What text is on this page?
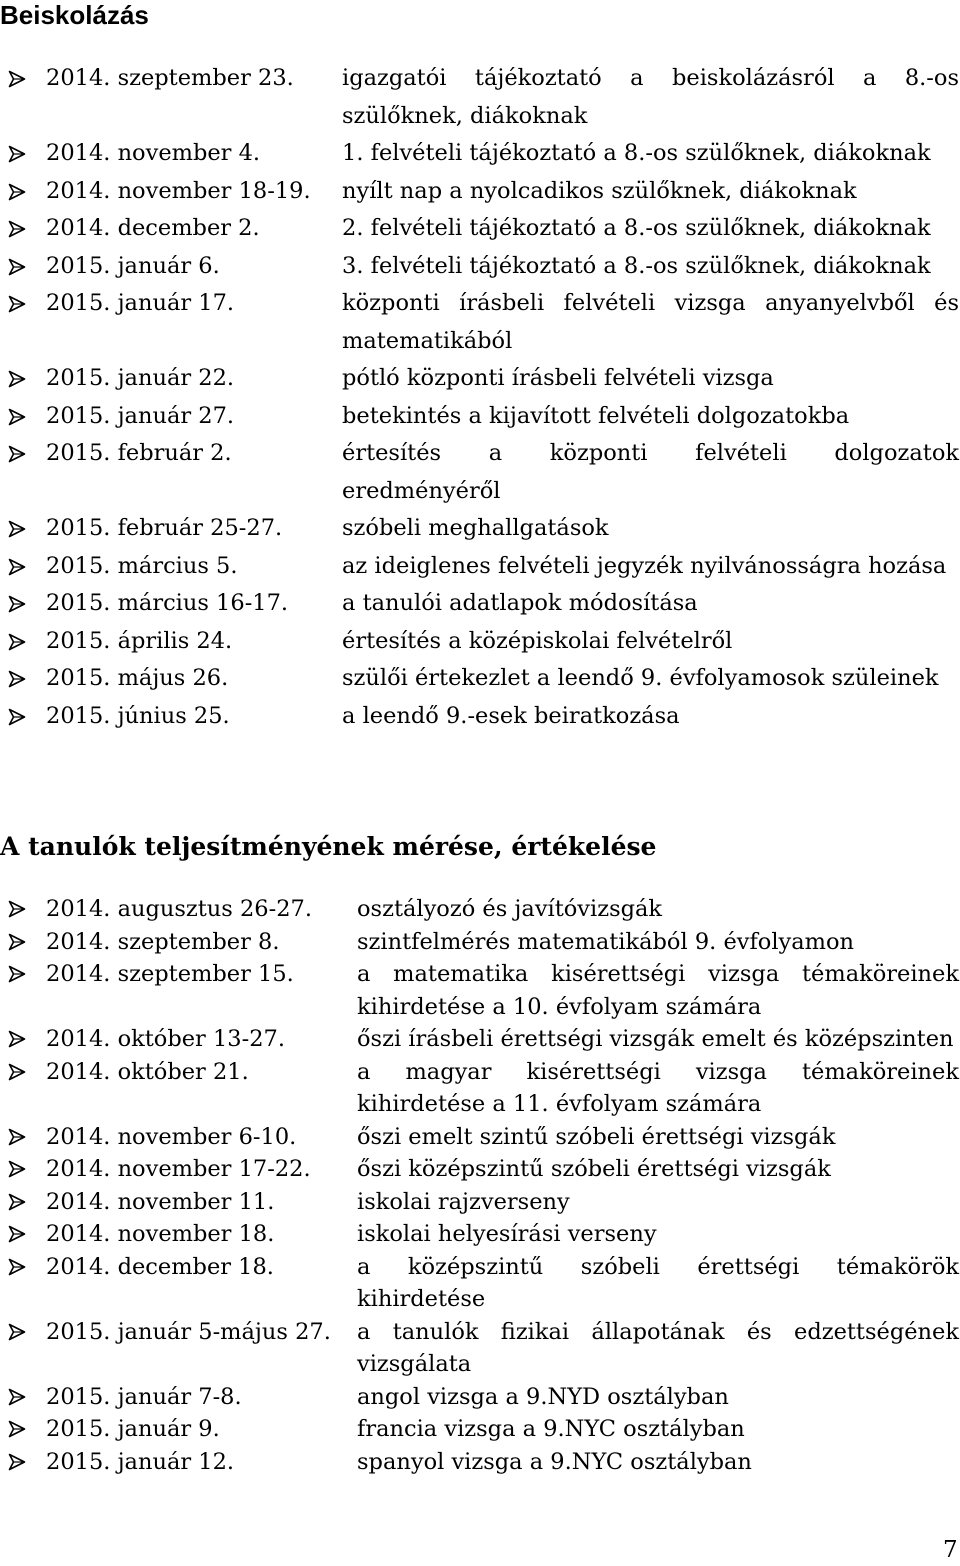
Beiskolázás
2014. szeptember 23. igazgatói tájékoztató a beiskolázásról a 8.-os szülőknek, diákoknak
2014. november 4.	1. felvételi tájékoztató a 8.-os szülőknek, diákoknak
2014. november 18-19. nyílt nap a nyolcadikos szülőknek, diákoknak
2014. december 2.	2. felvételi tájékoztató a 8.-os szülőknek, diákoknak
2015. január 6.	3. felvételi tájékoztató a 8.-os szülőknek, diákoknak
2015. január 17.	központi írásbeli felvételi vizsga anyanyelvből és matematikából
2015. január 22.	pótló központi írásbeli felvételi vizsga
2015. január 27.	betekintés a kijavított felvételi dolgozatokba
2015. február 2.	értesítés a központi felvételi dolgozatok eredményéről
2015. február 25-27.	szóbeli meghallgatások
2015. március 5.	az ideiglenes felvételi jegyzék nyilvánosságra hozása
2015. március 16-17. a tanulói adatlapok módosítása
2015. április 24.	értesítés a középiskolai felvételről
2015. május 26.	szülői értekezlet a leendő 9. évfolyamosok szüleinek
2015. június 25.	a leendő 9.-esek beiratkozása
A tanulók teljesítményének mérése, értékelése
2014. augusztus 26-27. osztályozó és javítóvizsgák
2014. szeptember 8.	szintfelmérés matematikából 9. évfolyamon
2014. szeptember 15.	a matematika kisérettségi vizsga témaköreinek kihirdetése a 10. évfolyam számára
2014. október 13-27.	őszi írásbeli érettségi vizsgák emelt és középszinten
2014. október 21.	a magyar kisérettségi vizsga témaköreinek kihirdetése a 11. évfolyam számára
2014. november 6-10.	őszi emelt szintű szóbeli érettségi vizsgák
2014. november 17-22. őszi középszintű szóbeli érettségi vizsgák
2014. november 11.	iskolai rajzverseny
2014. november 18.	iskolai helyesírási verseny
2014. december 18.	a középszintű szóbeli érettségi témakörök kihirdetése
2015. január 5-május 27. a tanulók fizikai állapotának és edzettségének vizsgálata
2015. január 7-8.	angol vizsga a 9.NYD osztályban
2015. január 9.	francia vizsga a 9.NYC osztályban
2015. január 12.	spanyol vizsga a 9.NYC osztályban
7
